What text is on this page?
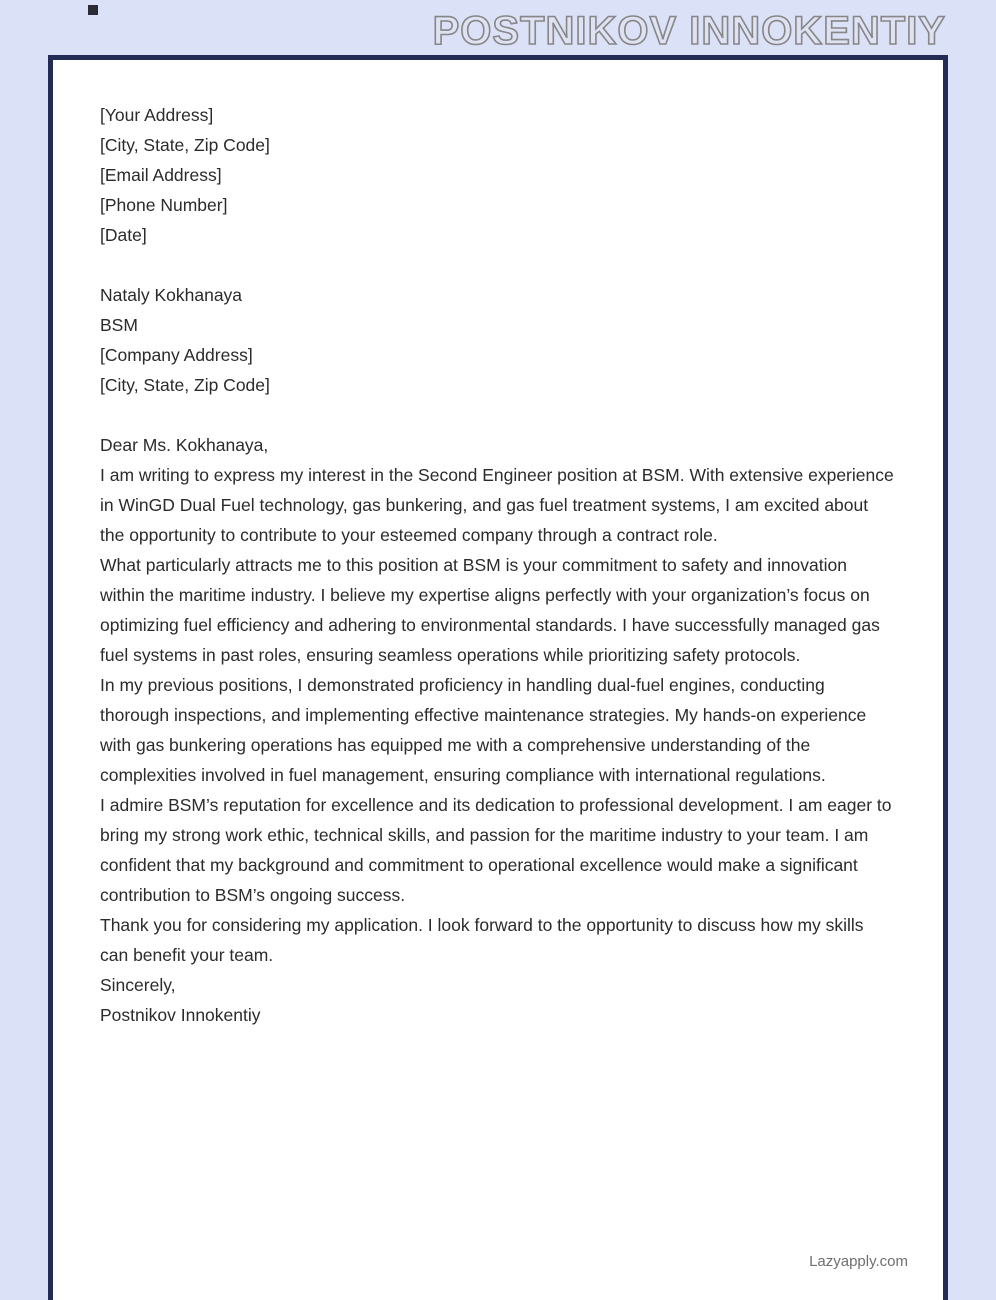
POSTNIKOV INNOKENTIY

[Your Address]

[City, State, Zip Code]

[Email Address]

[Phone Number]

[Date]

Nataly Kokhanaya

BSM

[Company Address]

[City, State, Zip Code]

Dear Ms. Kokhanaya,

I am writing to express my interest in the Second Engineer position at BSM. With extensive experience in WinGD Dual Fuel technology, gas bunkering, and gas fuel treatment systems, I am excited about the opportunity to contribute to your esteemed company through a contract role.

What particularly attracts me to this position at BSM is your commitment to safety and innovation within the maritime industry. I believe my expertise aligns perfectly with your organization’s focus on optimizing fuel efficiency and adhering to environmental standards. I have successfully managed gas fuel systems in past roles, ensuring seamless operations while prioritizing safety protocols.

In my previous positions, I demonstrated proficiency in handling dual-fuel engines, conducting thorough inspections, and implementing effective maintenance strategies. My hands-on experience with gas bunkering operations has equipped me with a comprehensive understanding of the complexities involved in fuel management, ensuring compliance with international regulations.

I admire BSM’s reputation for excellence and its dedication to professional development. I am eager to bring my strong work ethic, technical skills, and passion for the maritime industry to your team. I am confident that my background and commitment to operational excellence would make a significant contribution to BSM’s ongoing success.

Thank you for considering my application. I look forward to the opportunity to discuss how my skills can benefit your team.

Sincerely,

Postnikov Innokentiy

Lazyapply.com
